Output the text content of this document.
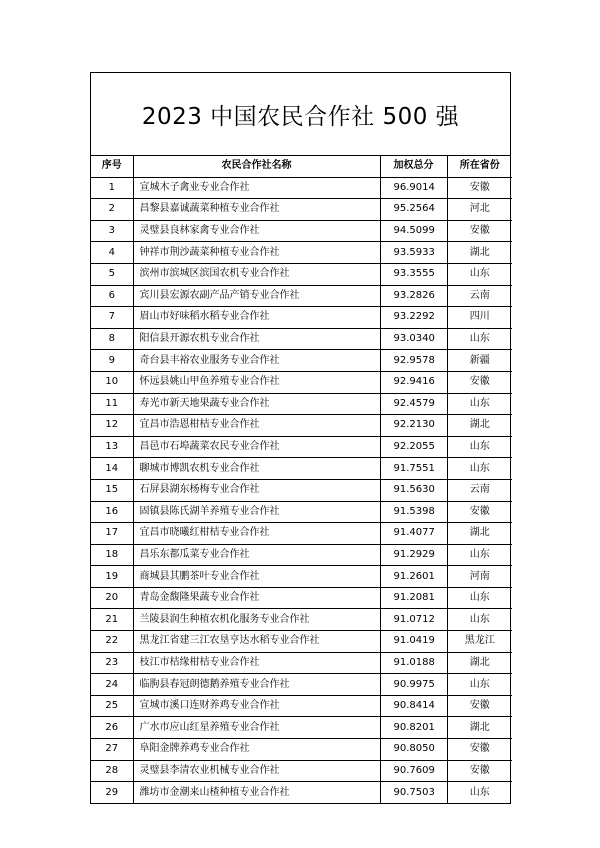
2023 中国农民合作社 500 强
序号	农民合作社名称	加权总分	所在省份
1	宣城木子禽业专业合作社	96.9014	安徽
2	昌黎县嘉诚蔬菜种植专业合作社	95.2564	河北
3	灵璧县良林家禽专业合作社	94.5099	安徽
4	钟祥市荆沙蔬菜种植专业合作社	93.5933	湖北
5	滨州市滨城区滨国农机专业合作社	93.3555	山东
6	宾川县宏源农副产品产销专业合作社	93.2826	云南
7	眉山市好味稻水稻专业合作社	93.2292	四川
8	阳信县开源农机专业合作社	93.0340	山东
9	奇台县丰裕农业服务专业合作社	92.9578	新疆
10	怀远县姚山甲鱼养殖专业合作社	92.9416	安徽
11	寿光市新天地果蔬专业合作社	92.4579	山东
12	宜昌市浩恩柑桔专业合作社	92.2130	湖北
13	昌邑市石埠蔬菜农民专业合作社	92.2055	山东
14	聊城市博凯农机专业合作社	91.7551	山东
15	石屏县湖东杨梅专业合作社	91.5630	云南
16	固镇县陈氏湖羊养殖专业合作社	91.5398	安徽
17	宜昌市晓曦红柑桔专业合作社	91.4077	湖北
18	昌乐东都瓜菜专业合作社	91.2929	山东
19	商城县其鹏茶叶专业合作社	91.2601	河南
20	青岛金馥隆果蔬专业合作社	91.2081	山东
21	兰陵县润生种植农机化服务专业合作社	91.0712	山东
22	黑龙江省建三江农垦亨达水稻专业合作社	91.0419	黑龙江
23	枝江市桔缘柑桔专业合作社	91.0188	湖北
24	临朐县春冠朗德鹅养殖专业合作社	90.9975	山东
25	宣城市溪口连财养鸡专业合作社	90.8414	安徽
26	广水市应山红星养殖专业合作社	90.8201	湖北
27	阜阳金牌养鸡专业合作社	90.8050	安徽
28	灵璧县李清农业机械专业合作社	90.7609	安徽
29	潍坊市金潮来山楂种植专业合作社	90.7503	山东
